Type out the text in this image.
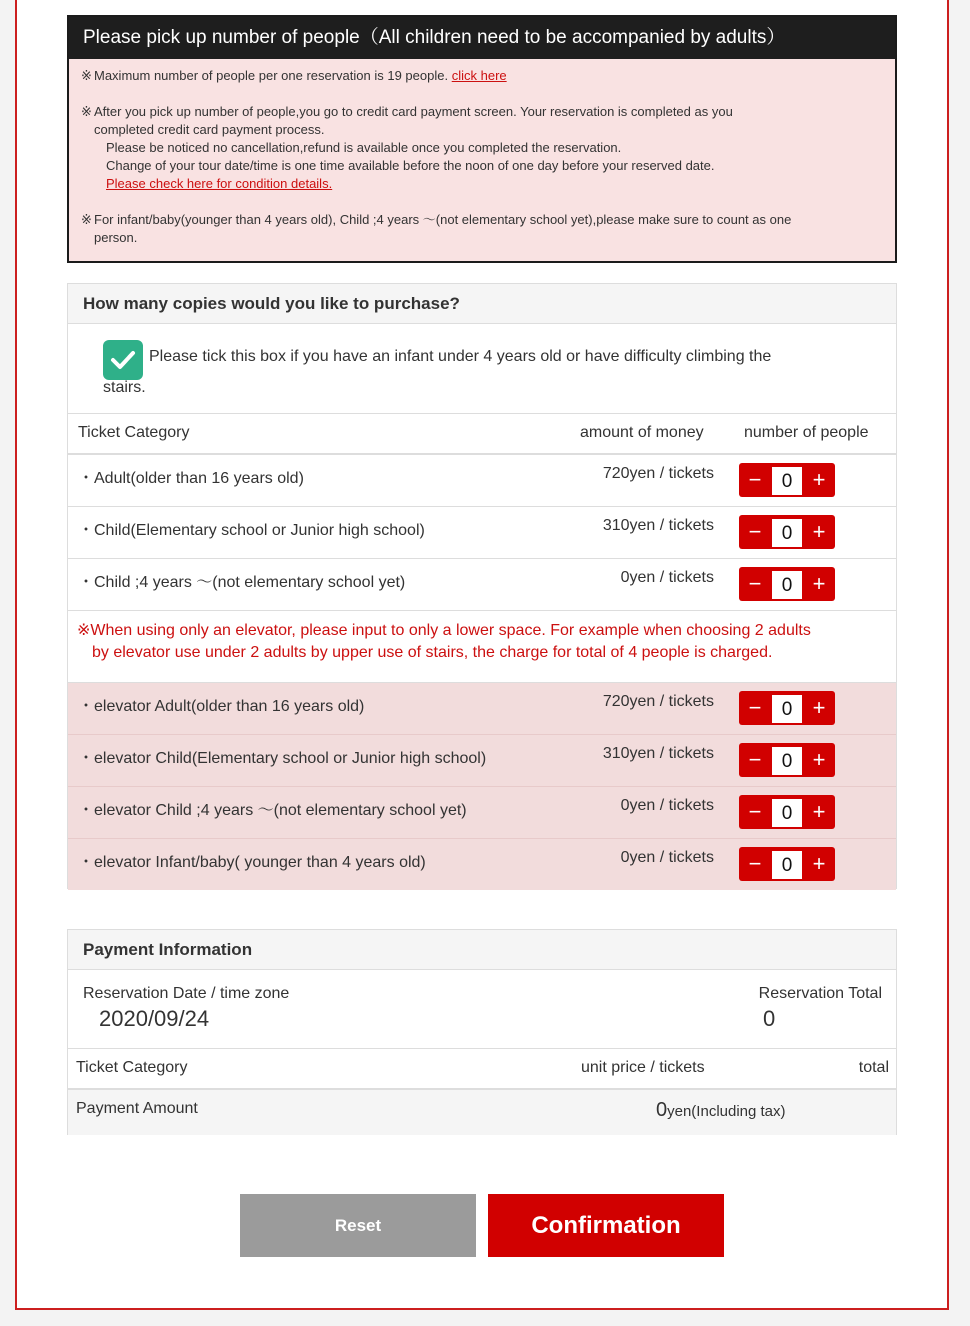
Please pick up number of people（All children need to be accompanied by adults）
※ Maximum number of people per one reservation is 19 people. click here
※ After you pick up number of people,you go to credit card payment screen. Your reservation is completed as you
completed credit card payment process.

Please be noticed no cancellation,refund is available once you completed the reservation.

Change of your tour date/time is one time available before the noon of one day before your reserved date.

Please check here for condition details.

※ For infant/baby(younger than 4 years old), Child ;4 years 〜(not elementary school yet),please make sure to count as one
person.
How many copies would you like to purchase?
Please tick this box if you have an infant under 4 years old or have difficulty climbing the
stairs.
Ticket Category	amount of money	number of people
・Adult(older than 16 years old)	720yen / tickets	−	0 +
・Child(Elementary school or Junior high school)	310yen / tickets	−	0 +
・Child ;4 years 〜(not elementary school yet)	0yen / tickets	−	0 +
※When using only an elevator, please input to only a lower space. For example when choosing 2 adults
by elevator use under 2 adults by upper use of stairs, the charge for total of 4 people is charged.
・elevator Adult(older than 16 years old)	720yen / tickets	−	0 +
・elevator Child(Elementary school or Junior high school)	310yen / tickets	−	0 +
・elevator Child ;4 years 〜(not elementary school yet)	0yen / tickets	−	0 +
・elevator Infant/baby( younger than 4 years old)	0yen / tickets	−	0 +
Payment Information
Reservation Date / time zone
2020/09/24
Reservation Total
0
Ticket Category	unit price / tickets	total
Payment Amount	0yen(Including tax)
Reset	Confirmation
